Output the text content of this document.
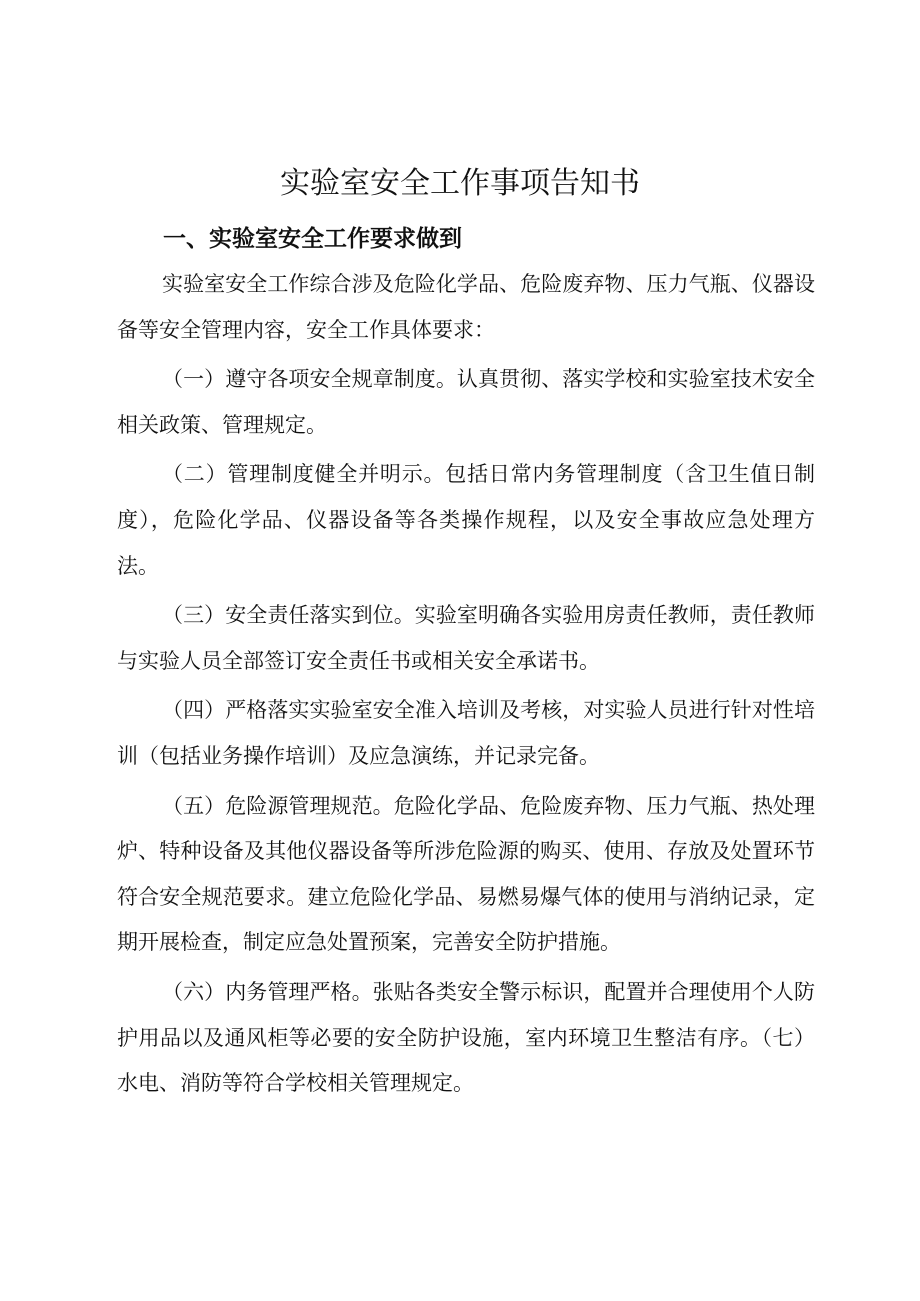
实验室安全工作事项告知书
一、实验室安全工作要求做到

实验室安全工作综合涉及危险化学品、危险废弃物、压力气瓶、仪器设备等安全管理内容，安全工作具体要求：

（一）遵守各项安全规章制度。认真贯彻、落实学校和实验室技术安全相关政策、管理规定。

（二）管理制度健全并明示。包括日常内务管理制度（含卫生值日制度），危险化学品、仪器设备等各类操作规程，以及安全事故应急处理方法。

（三）安全责任落实到位。实验室明确各实验用房责任教师，责任教师与实验人员全部签订安全责任书或相关安全承诺书。

（四）严格落实实验室安全准入培训及考核，对实验人员进行针对性培训（包括业务操作培训）及应急演练，并记录完备。

（五）危险源管理规范。危险化学品、危险废弃物、压力气瓶、热处理炉、特种设备及其他仪器设备等所涉危险源的购买、使用、存放及处置环节符合安全规范要求。建立危险化学品、易燃易爆气体的使用与消纳记录，定期开展检查，制定应急处置预案，完善安全防护措施。

（六）内务管理严格。张贴各类安全警示标识，配置并合理使用个人防护用品以及通风柜等必要的安全防护设施，室内环境卫生整洁有序。（七）水电、消防等符合学校相关管理规定。
